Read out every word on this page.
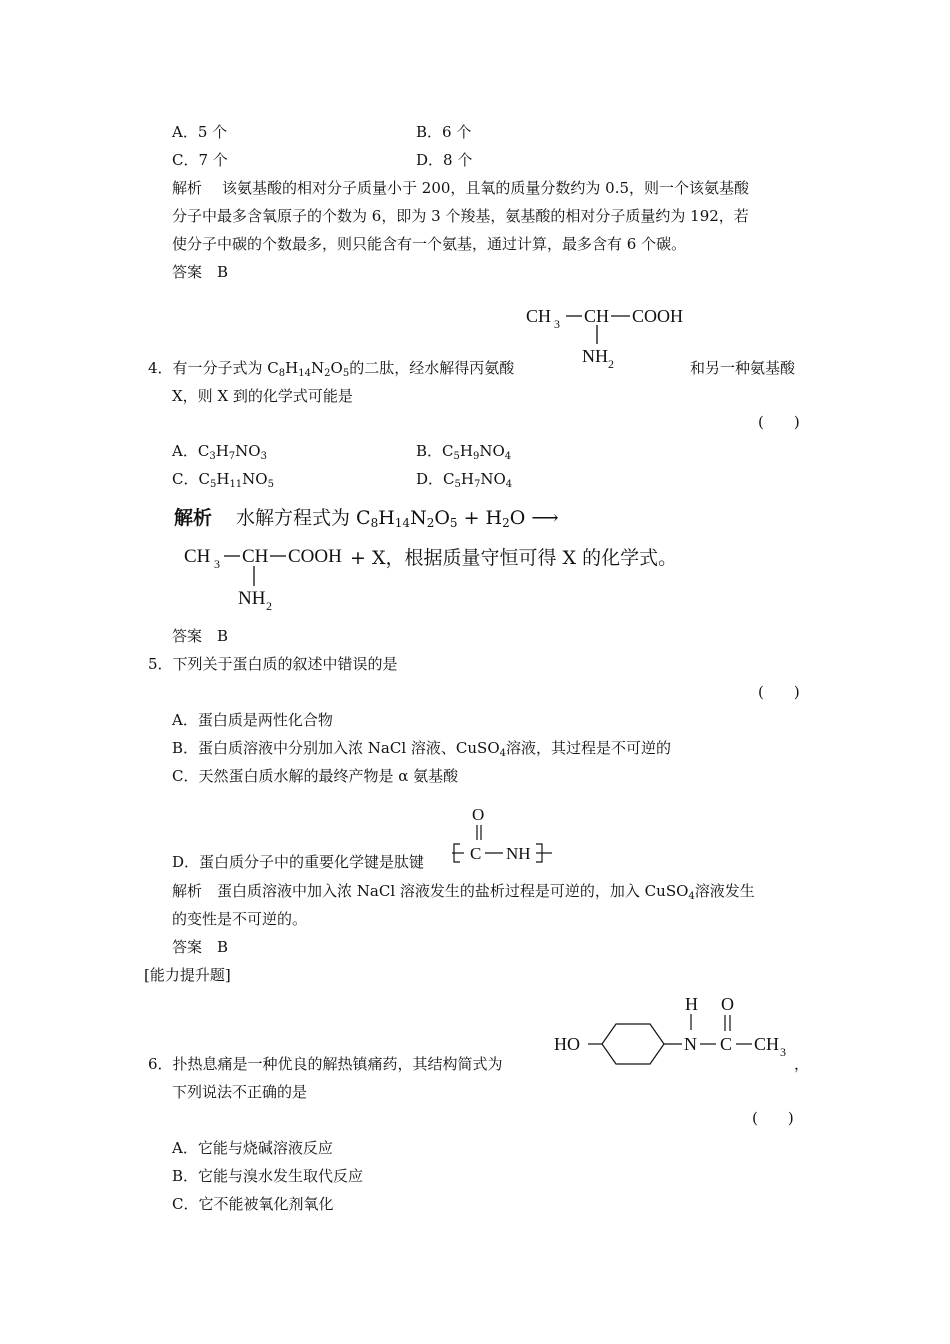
A．5 个	B．6 个
C．7 个	D．8 个
解析 该氨基酸的相对分子质量小于 200，且氧的质量分数约为 0.5，则一个该氨基酸
分子中最多含氧原子的个数为 6，即为 3 个羧基，氨基酸的相对分子质量约为 192，若
使分子中碳的个数最多，则只能含有一个氨基，通过计算，最多含有 6 个碳。
答案　B
CH 3 CH COOH
NH 2
4．有一分子式为 $C_8H_{14}N_2O_5$的二肽，经水解得丙氨酸	和另一种氨基酸
X，则 X 到的化学式可能是
(　　)
A．$C_3H_7NO_3$	B．$C_5H_9NO_4$
C．$C_5H_{11}NO_5$	D．$C_5H_7NO_4$
解析 水解方程式为 $C_8H_{14}N_2O_5 + H_2O$ ⟶
CH 3 CH COOH
NH 2
+ X，根据质量守恒可得 X 的化学式。
答案　B
5．下列关于蛋白质的叙述中错误的是
(　　)
A．蛋白质是两性化合物
B．蛋白质溶液中分别加入浓 NaCl 溶液、CuSO$_4$溶液，其过程是不可逆的
C．天然蛋白质水解的最终产物是 α 氨基酸
O
C NH
D．蛋白质分子中的重要化学键是肽键
解析　 蛋白质溶液中加入浓 NaCl 溶液发生的盐析过程是可逆的，加入 CuSO$_4$溶液发生
的变性是不可逆的。
答案　B
[能力提升题]
HO	N
H
C
O
CH 3
6．扑热息痛是一种优良的解热镇痛药，其结构简式为	，
下列说法不正确的是
(　　)
A．它能与烧碱溶液反应
B．它能与溴水发生取代反应
C．它不能被氧化剂氧化
